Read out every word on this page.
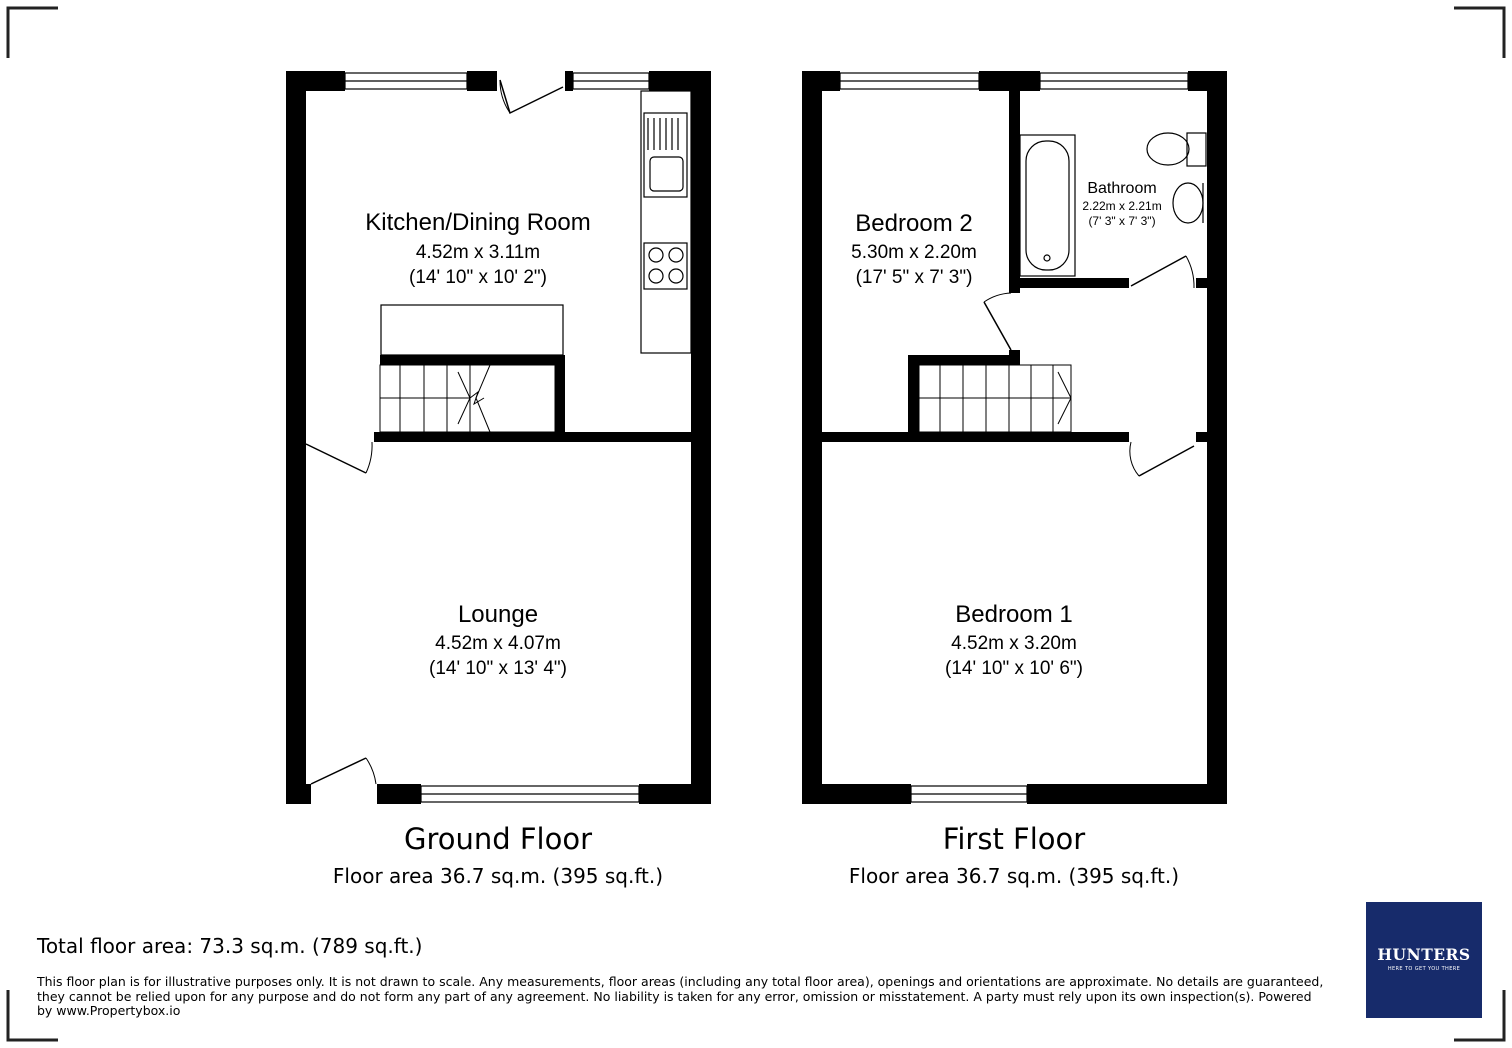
Kitchen/Dining Room
4.52m x 3.11m
(14' 10" x 10' 2")
Lounge
4.52m x 4.07m
(14' 10" x 13' 4")
Bedroom 2
5.30m x 2.20m
(17' 5" x 7' 3")
Bathroom
2.22m x 2.21m
(7' 3" x 7' 3")
Bedroom 1
4.52m x 3.20m
(14' 10" x 10' 6")
Ground Floor
Floor area 36.7 sq.m. (395 sq.ft.)
First Floor
Floor area 36.7 sq.m. (395 sq.ft.)
Total floor area: 73.3 sq.m. (789 sq.ft.)
This floor plan is for illustrative purposes only. It is not drawn to scale. Any measurements, floor areas (including any total floor area), openings and orientations are approximate. No details are guaranteed, they cannot be relied upon for any purpose and do not form any part of any agreement. No liability is taken for any error, omission or misstatement. A party must rely upon its own inspection(s). Powered by www.Propertybox.io
HUNTERS
HERE TO GET YOU THERE
